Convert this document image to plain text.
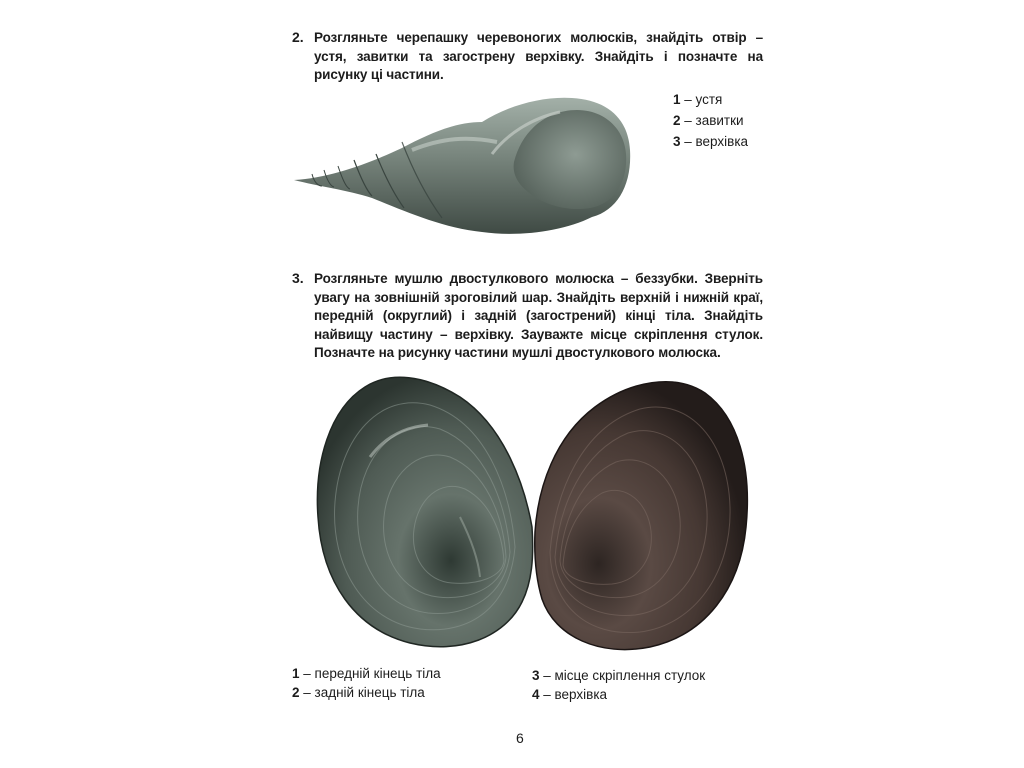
2. Розгляньте черепашку черевоногих молюсків, знайдіть отвір – устя, завитки та загострену верхівку. Знайдіть і позначте на рисунку ці частини.
1 – устя
2 – завитки
3 – верхівка
3. Розгляньте мушлю двостулкового молюска – беззубки. Зверніть увагу на зовнішній зроговілий шар. Знайдіть верхній і нижній краї, передній (округлий) і задній (загострений) кінці тіла. Знайдіть найвищу частину – верхівку. Зауважте місце скріплення стулок. Позначте на рисунку частини мушлі двостулкового молюска.
1 – передній кінець тіла
2 – задній кінець тіла
3 – місце скріплення стулок
4 – верхівка
6
